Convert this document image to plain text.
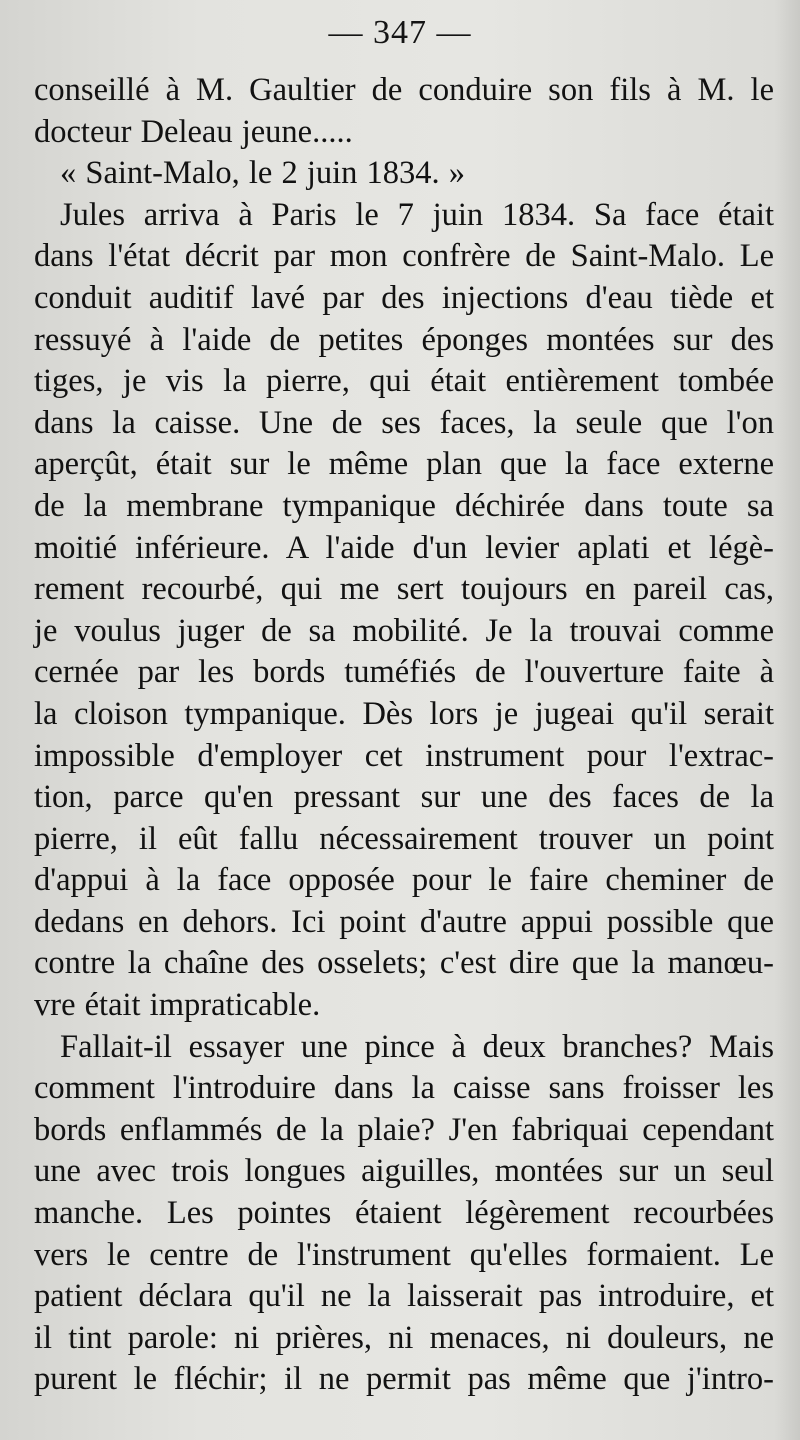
— 347 —
conseillé à M. Gaultier de conduire son fils à M. le
docteur Deleau jeune.....
« Saint-Malo, le 2 juin 1834. »
Jules arriva à Paris le 7 juin 1834. Sa face était
dans l'état décrit par mon confrère de Saint-Malo. Le
conduit auditif lavé par des injections d'eau tiède et
ressuyé à l'aide de petites éponges montées sur des
tiges, je vis la pierre, qui était entièrement tombée
dans la caisse. Une de ses faces, la seule que l'on
aperçût, était sur le même plan que la face externe
de la membrane tympanique déchirée dans toute sa
moitié inférieure. A l'aide d'un levier aplati et légè-
rement recourbé, qui me sert toujours en pareil cas,
je voulus juger de sa mobilité. Je la trouvai comme
cernée par les bords tuméfiés de l'ouverture faite à
la cloison tympanique. Dès lors je jugeai qu'il serait
impossible d'employer cet instrument pour l'extrac-
tion, parce qu'en pressant sur une des faces de la
pierre, il eût fallu nécessairement trouver un point
d'appui à la face opposée pour le faire cheminer de
dedans en dehors. Ici point d'autre appui possible que
contre la chaîne des osselets; c'est dire que la manœu-
vre était impraticable.
Fallait-il essayer une pince à deux branches? Mais
comment l'introduire dans la caisse sans froisser les
bords enflammés de la plaie? J'en fabriquai cependant
une avec trois longues aiguilles, montées sur un seul
manche. Les pointes étaient légèrement recourbées
vers le centre de l'instrument qu'elles formaient. Le
patient déclara qu'il ne la laisserait pas introduire, et
il tint parole: ni prières, ni menaces, ni douleurs, ne
purent le fléchir; il ne permit pas même que j'intro-
